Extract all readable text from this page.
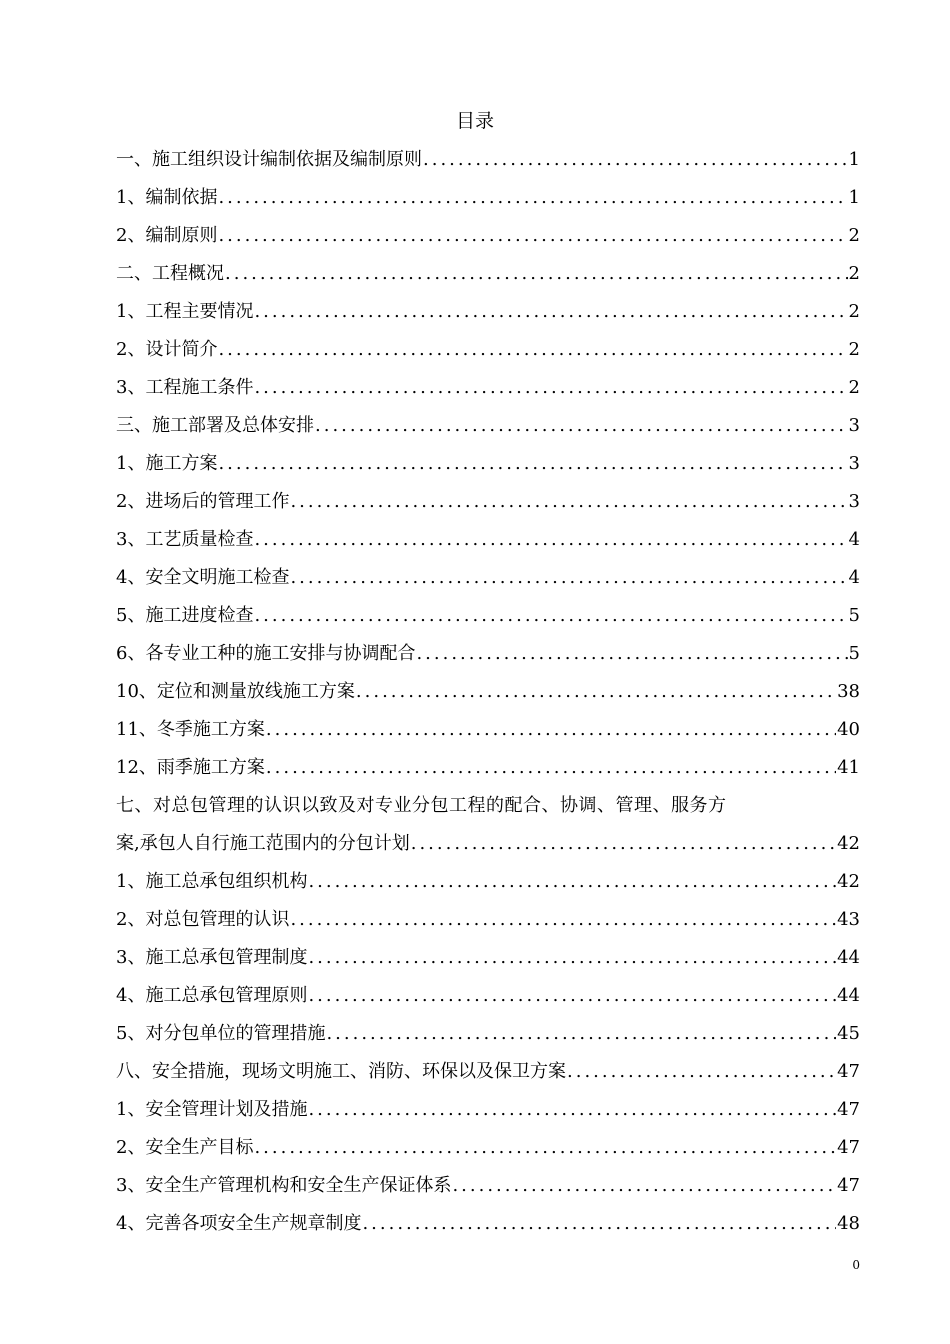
目录
一、施工组织设计编制依据及编制原则 .....	1
1、编制依据 .....	1
2、编制原则 .....	2
二、工程概况 .....	2
1、工程主要情况 .....	2
2、设计简介 .....	2
3、工程施工条件 .....	2
三、施工部署及总体安排 .....	3
1、施工方案 .....	3
2、进场后的管理工作 .....	3
3、工艺质量检查 .....	4
4、安全文明施工检查 .....	4
5、施工进度检查 .....	5
6、各专业工种的施工安排与协调配合 .....	5
10、定位和测量放线施工方案 .....	38
11、冬季施工方案 .....	40
12、雨季施工方案 .....	41
七、对总包管理的认识以致及对专业分包工程的配合、协调、管理、服务方
案,承包人自行施工范围内的分包计划 .....	42
1、施工总承包组织机构 .....	42
2、对总包管理的认识 .....	43
3、施工总承包管理制度 .....	44
4、施工总承包管理原则 .....	44
5、对分包单位的管理措施 .....	45
八、安全措施，现场文明施工、消防、环保以及保卫方案 .....	47
1、安全管理计划及措施 .....	47
2、安全生产目标 .....	47
3、安全生产管理机构和安全生产保证体系 .....	47
4、完善各项安全生产规章制度 .....	48
0
